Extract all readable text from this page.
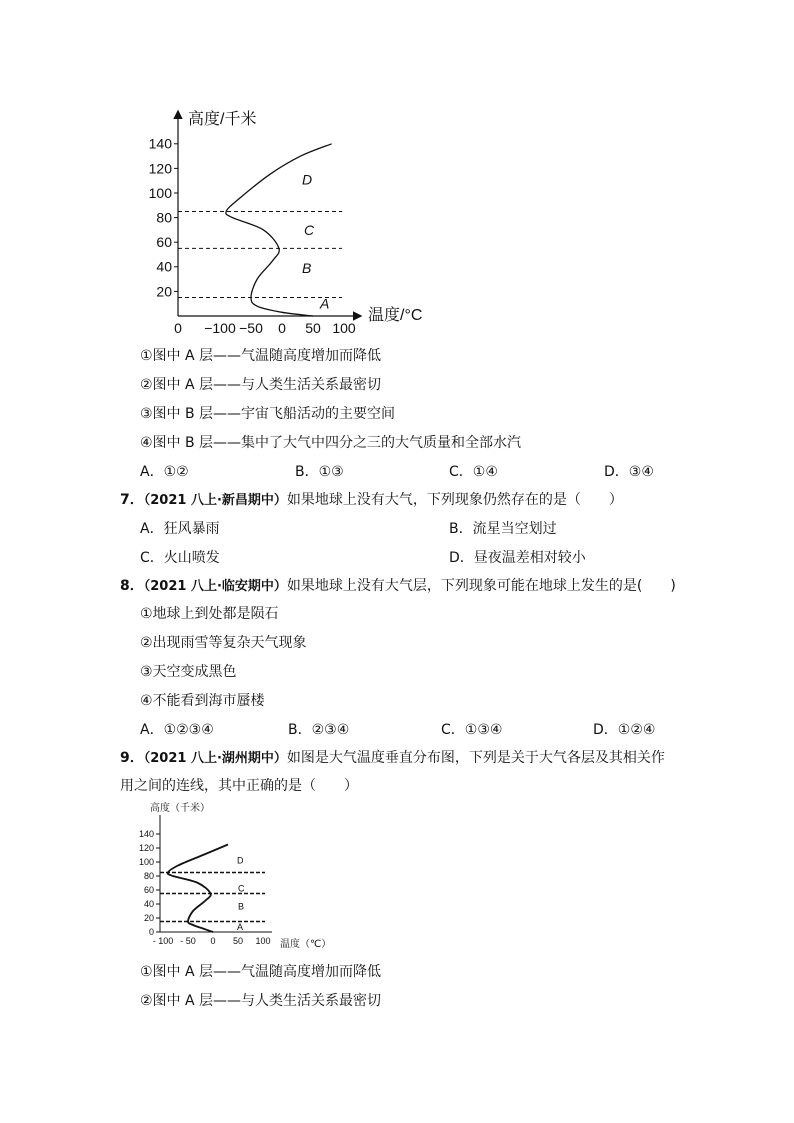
高度/千米
温度/°C
20
40
60
80
100
120
140
0 −100 −50 0 50 100
A
B
C
D
①图中 A 层——气温随高度增加而降低
②图中 A 层——与人类生活关系最密切
③图中 B 层——宇宙飞船活动的主要空间
④图中 B 层——集中了大气中四分之三的大气质量和全部水汽
A．①②	B．①③	C．①④	D．③④
7．（2021 八上·新昌期中）如果地球上没有大气，下列现象仍然存在的是（　　）
A．狂风暴雨	B．流星当空划过
C．火山喷发	D．昼夜温差相对较小
8．（2021 八上·临安期中）如果地球上没有大气层，下列现象可能在地球上发生的是(　　)
①地球上到处都是陨石
②出现雨雪等复杂天气现象
③天空变成黑色
④不能看到海市蜃楼
A．①②③④	B．②③④	C．①③④	D．①②④
9．（2021 八上·湖州期中）如图是大气温度垂直分布图，下列是关于大气各层及其相关作
用之间的连线，其中正确的是（　　）
高度（千米）
温度（℃）
0
20
40
60
80
100
120
140
- 100 - 50 0 50 100
A
B
C
D
①图中 A 层——气温随高度增加而降低
②图中 A 层——与人类生活关系最密切
